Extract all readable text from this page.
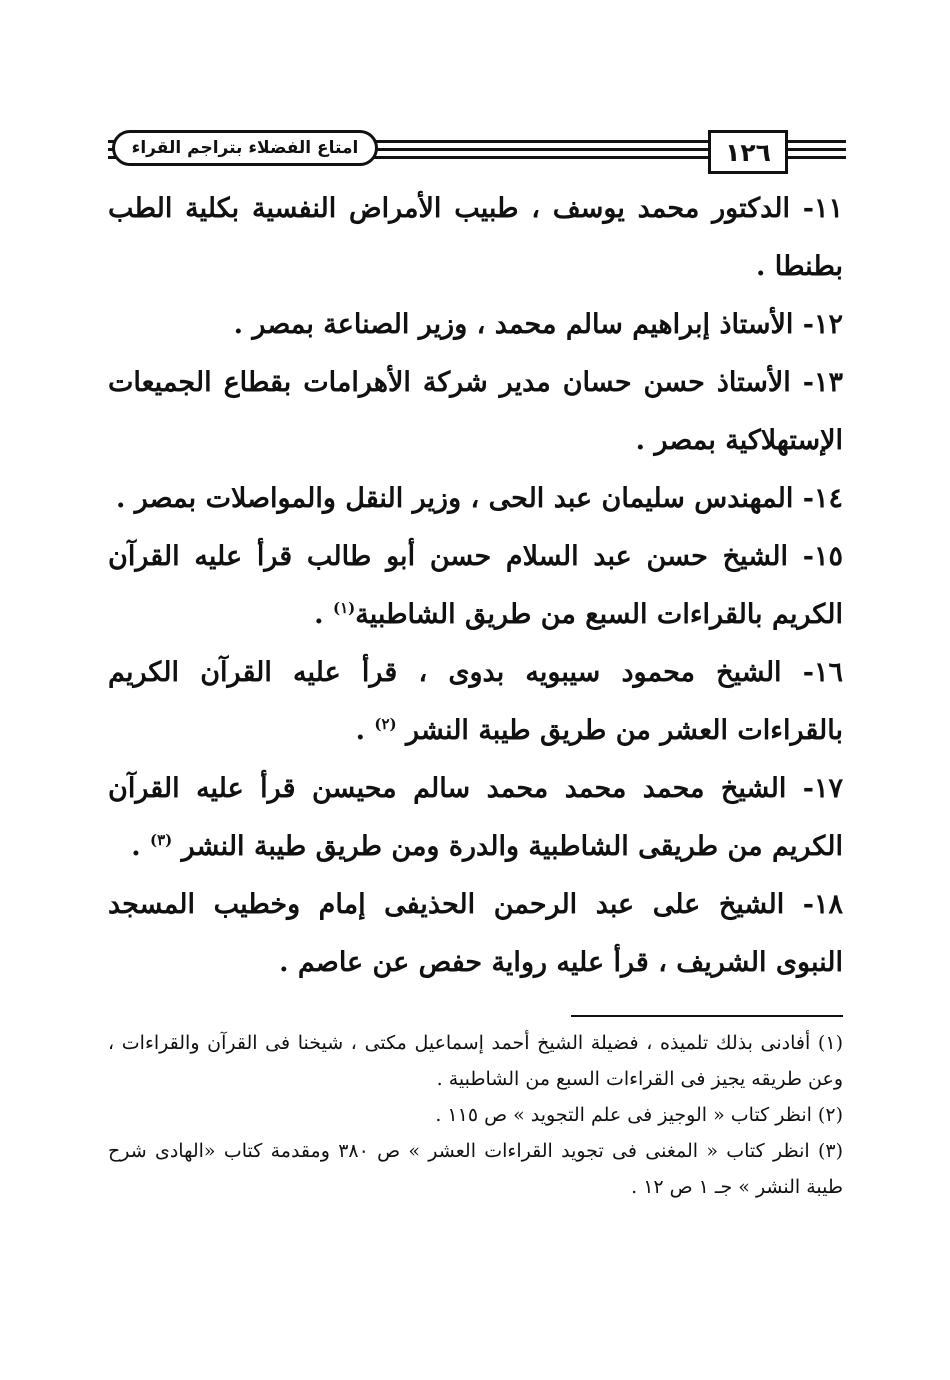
امتاع الفضلاء بتراجم القراء	١٢٦

١١- الدكتور محمد يوسف ، طبيب الأمراض النفسية بكلية الطب بطنطا .

١٢- الأستاذ إبراهيم سالم محمد ، وزير الصناعة بمصر .

١٣- الأستاذ حسن حسان مدير شركة الأهرامات بقطاع الجميعات الإستهلاكية بمصر .

١٤- المهندس سليمان عبد الحى ، وزير النقل والمواصلات بمصر .

١٥- الشيخ حسن عبد السلام حسن أبو طالب قرأ عليه القرآن الكريم بالقراءات السبع من طريق الشاطبية$^{(١)}$ .

١٦- الشيخ محمود سيبويه بدوى ، قرأ عليه القرآن الكريم بالقراءات العشر من طريق طيبة النشر $^{(٢)}$ .

١٧- الشيخ محمد محمد محمد سالم محيسن قرأ عليه القرآن الكريم من طريقى الشاطبية والدرة ومن طريق طيبة النشر $^{(٣)}$ .

١٨- الشيخ على عبد الرحمن الحذيفى إمام وخطيب المسجد النبوى الشريف ، قرأ عليه رواية حفص عن عاصم .

(١) أفادنى بذلك تلميذه ، فضيلة الشيخ أحمد إسماعيل مكتى ، شيخنا فى القرآن والقراءات ، وعن طريقه يجيز فى القراءات السبع من الشاطبية .

(٢) انظر كتاب « الوجيز فى علم التجويد » ص ١١٥ .

(٣) انظر كتاب « المغنى فى تجويد القراءات العشر » ص ٣٨٠ ومقدمة كتاب «الهادى شرح طيبة النشر » جـ ١ ص ١٢ .
